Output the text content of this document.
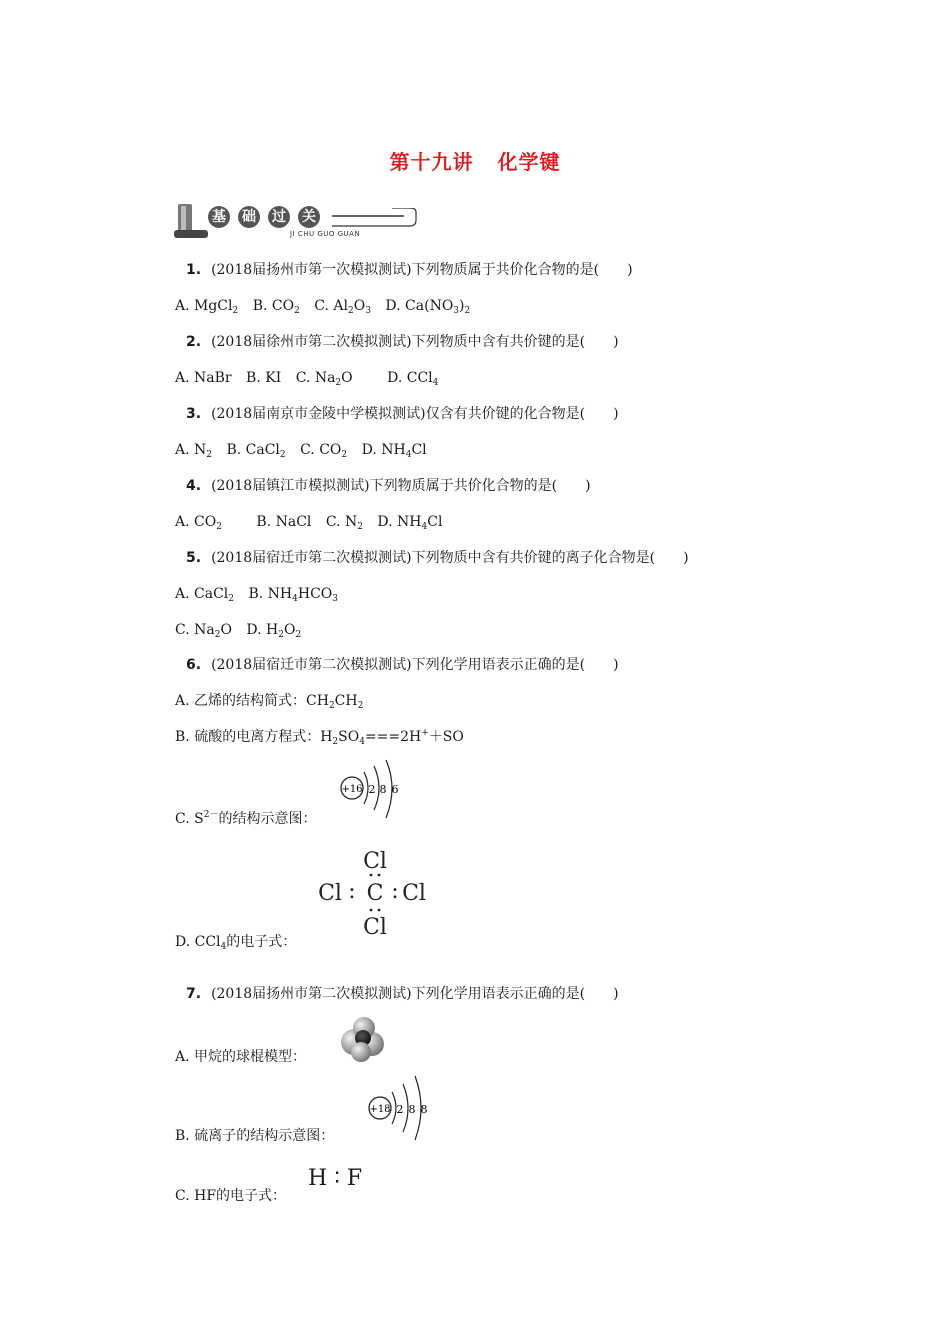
第十九讲 化学键
基 础 过 关
JI CHU GUO GUAN
1. (2018届扬州市第一次模拟测试)下列物质属于共价化合物的是(　　)
A. MgCl$_2$ B. $CO_2$ C. $Al_2O_3$ D. $Ca(NO_3)_2$
2. (2018届徐州市第二次模拟测试)下列物质中含有共价键的是(　　)
A. NaBr B. KI C. $Na_2O$ D. CCl$_4$
3. (2018届南京市金陵中学模拟测试)仅含有共价键的化合物是(　　)
A. $N_2$ B. CaCl$_2$ C. $CO_2$ D. $NH_4Cl$
4. (2018届镇江市模拟测试)下列物质属于共价化合物的是(　　)
A. $CO_2$ B. NaCl C. $N_2$ D. $NH_4Cl$
5. (2018届宿迁市第二次模拟测试)下列物质中含有共价键的离子化合物是(　　)
A. CaCl$_2$ B. $NH_4HCO_3$
C. $Na_2O$ D. $H_2O_2$
6. (2018届宿迁市第二次模拟测试)下列化学用语表示正确的是(　　)
A. 乙烯的结构简式：$CH_2CH_2$
B. 硫酸的电离方程式：$H_2SO_4===2H^++SO$
+16 2 8 6
C. $S^{2-}$的结构示意图：
Cl
Cl C Cl
Cl
: :
D. CCl$_4$的电子式：
7. (2018届扬州市第二次模拟测试)下列化学用语表示正确的是(　　)
A. 甲烷的球棍模型：
+18 2 8 8
B. 硫离子的结构示意图：
H ∶ F
C. HF的电子式：
